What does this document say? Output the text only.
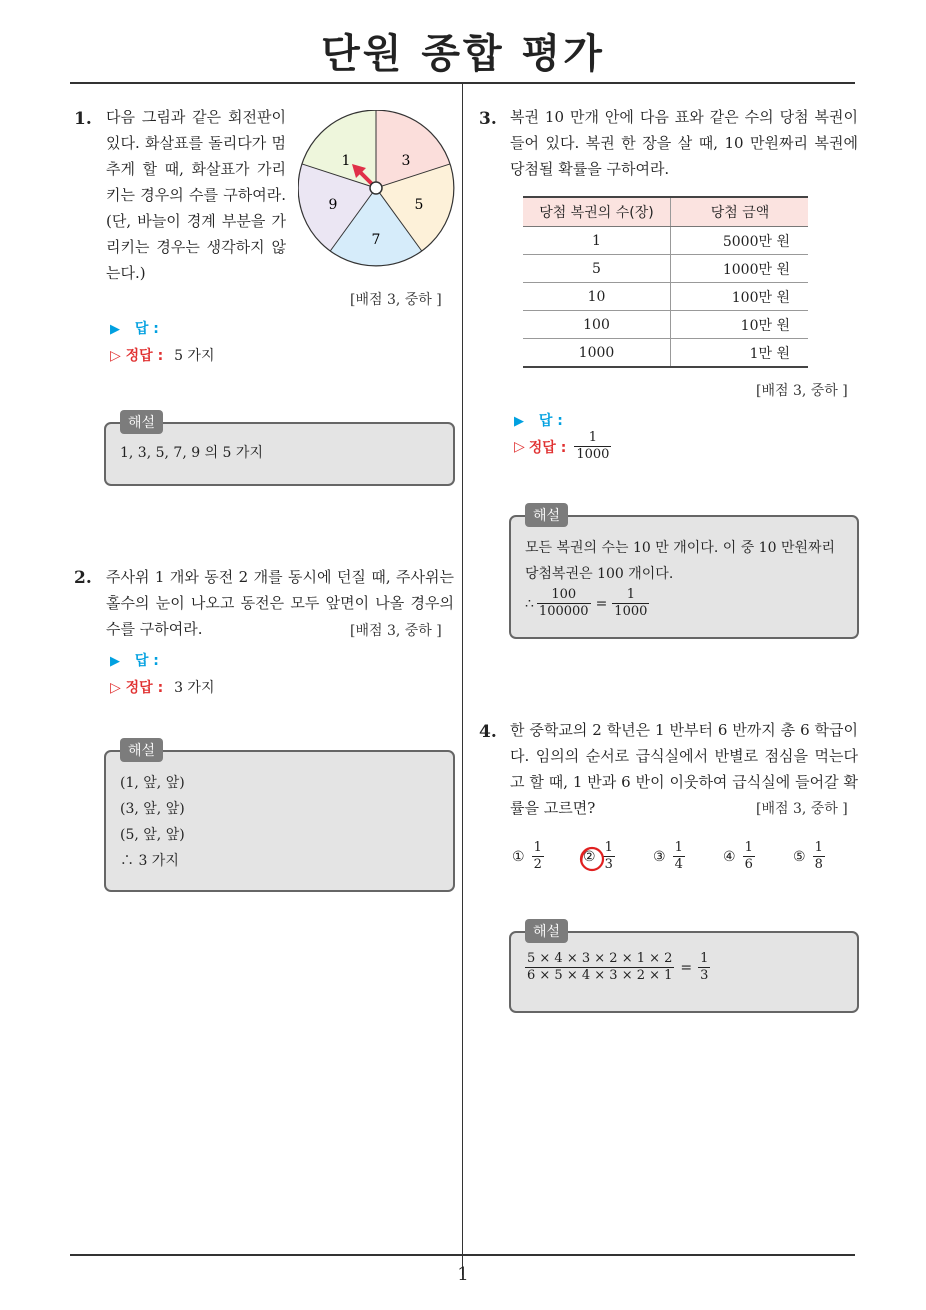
단원 종합 평가
1. 다음 그림과 같은 회전판이 있다. 화살표를 돌리다가 멈추게 할 때, 화살표가 가리키는 경우의 수를 구하여라. (단, 바늘이 경계 부분을 가리키는 경우는 생각하지 않는다.)
1	3
5
7
9
[배점 3, 중하 ]
▶ 답 :
▷ 정답 : 5 가지
해설
1, 3, 5, 7, 9 의 5 가지
2. 주사위 1 개와 동전 2 개를 동시에 던질 때, 주사위는 홀수의 눈이 나오고 동전은 모두 앞면이 나올 경우의 수를 구하여라.	[배점 3, 중하 ]
▶ 답 :
▷ 정답 : 3 가지
해설
(1, 앞, 앞)
(3, 앞, 앞)
(5, 앞, 앞)
∴ 3 가지
3. 복권 10 만개 안에 다음 표와 같은 수의 당첨 복권이 들어 있다. 복권 한 장을 살 때, 10 만원짜리 복권에 당첨될 확률을 구하여라.
당첨 복권의 수(장)	당첨 금액
1	5000만 원
5	1000만 원
10	100만 원
100	10만 원
1000	1만 원
[배점 3, 중하 ]
▶ 답 :
▷ 정답 : $\frac{1}{1000}$
해설
모든 복권의 수는 10 만 개이다. 이 중 10 만원짜리
당첨복권은 100 개이다.
∴ $\frac{100}{100000} = \frac{1}{1000}$
4. 한 중학교의 2 학년은 1 반부터 6 반까지 총 6 학급이다. 임의의 순서로 급식실에서 반별로 점심을 먹는다고 할 때, 1 반과 6 반이 이웃하여 급식실에 들어갈 확률을 고르면?	[배점 3, 중하 ]
① $\frac{1}{2}$	② $\frac{1}{3}$	③ $\frac{1}{4}$	④ $\frac{1}{6}$	⑤ $\frac{1}{8}$
해설
$\frac{5 \times 4 \times 3 \times 2 \times 1 \times 2}{6 \times 5 \times 4 \times 3 \times 2 \times 1} = \frac{1}{3}$
1
